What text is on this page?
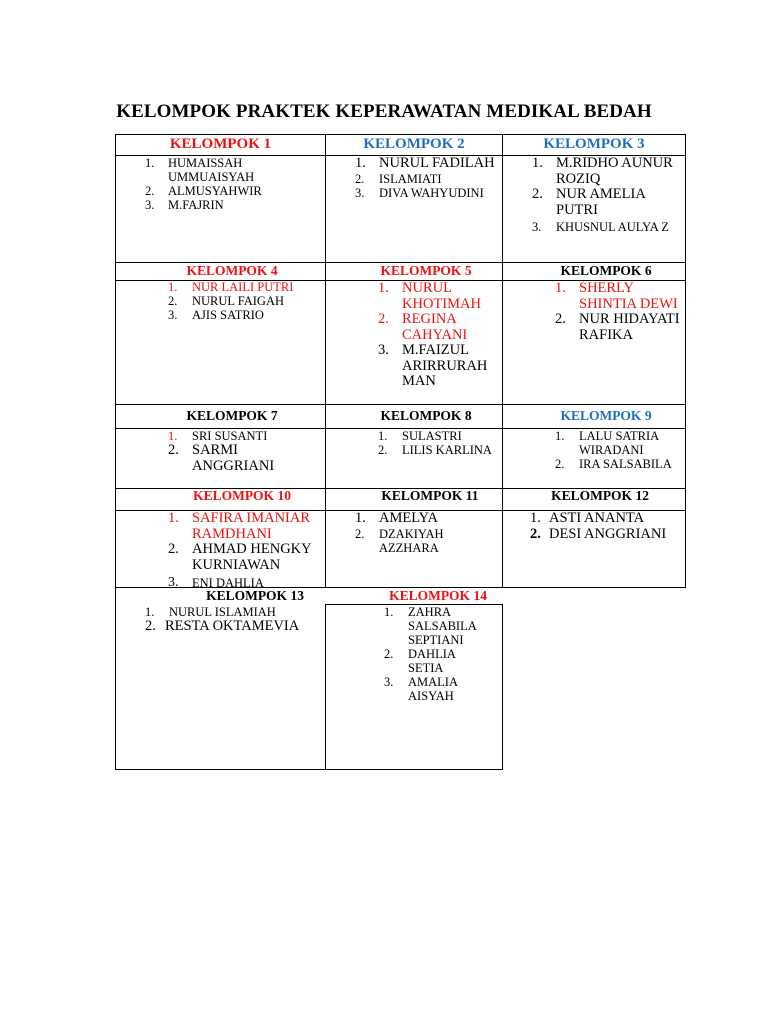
KELOMPOK PRAKTEK KEPERAWATAN MEDIKAL BEDAH
KELOMPOK 1
1.	HUMAISSAH UMMUAISYAH
2.	ALMUSYAHWIR
3.	M.FAJRIN
KELOMPOK 2
1. NURUL FADILAH
2.	ISLAMIATI
3.	DIVA WAHYUDINI
KELOMPOK 3
1. M.RIDHO AUNUR ROZIQ
2. NUR AMELIA PUTRI
3.	KHUSNUL AULYA Z
KELOMPOK 4
1.	NUR LAILI PUTRI
2.	NURUL FAIGAH
3.	AJIS SATRIO
KELOMPOK 5
1. NURUL KHOTIMAH
2. REGINA CAHYANI
3. M.FAIZUL ARIRRURAH MAN
KELOMPOK 6
1. SHERLY SHINTIA DEWI
2. NUR HIDAYATI RAFIKA
KELOMPOK 7
1.	SRI SUSANTI
2. SARMI ANGGRIANI
KELOMPOK 8
1.	SULASTRI
2.	LILIS KARLINA
KELOMPOK 9
1.	LALU SATRIA WIRADANI
2.	IRA SALSABILA
KELOMPOK 10
1. SAFIRA IMANIAR RAMDHANI
2. AHMAD HENGKY KURNIAWAN
3.	ENI DAHLIA
KELOMPOK 11
1. AMELYA
2.	DZAKIYAH AZZHARA
KELOMPOK 12
1. ASTI ANANTA
2. DESI ANGGRIANI
KELOMPOK 13
1.	NURUL ISLAMIAH
2. RESTA OKTAMEVIA
KELOMPOK 14
1.	ZAHRA SALSABILA SEPTIANI
2.	DAHLIA SETIA
3.	AMALIA AISYAH
